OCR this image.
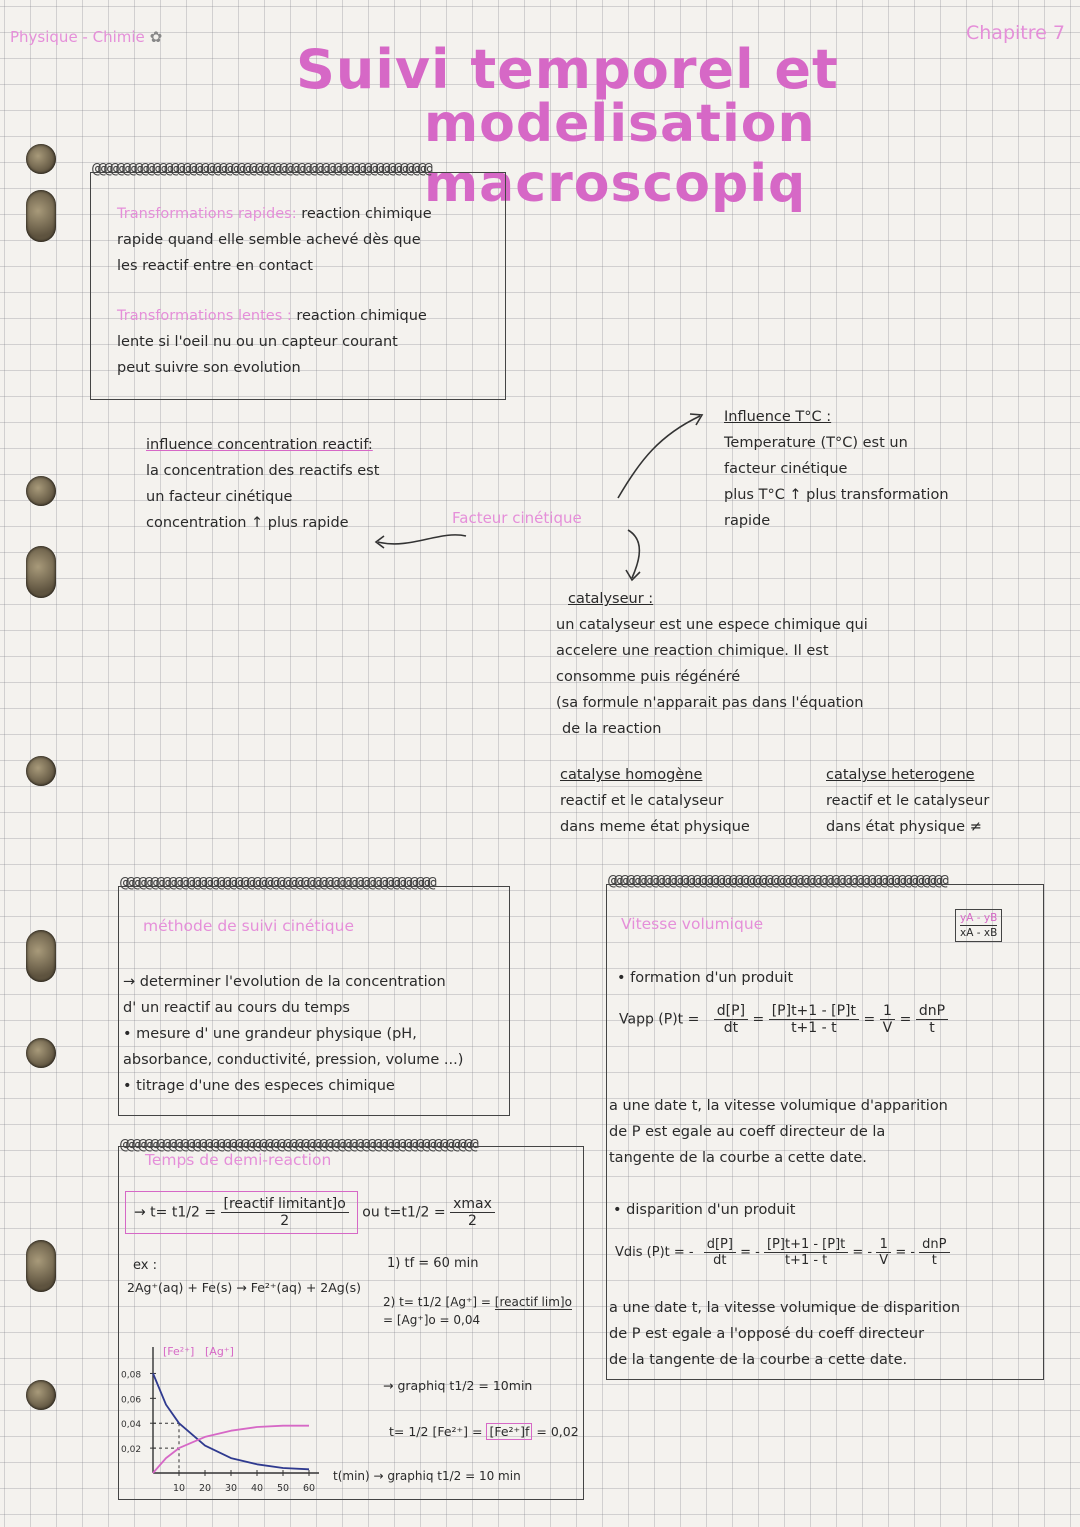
Physique - Chimie ✿	Chapitre 7
Suivi temporel et
modelisation macroscopiq
@@@@@@@@@@@@@@@@@@@@@@@@@@@@@@@@@@@@@@@@@@@@@@@@@@@@@@@@
Transformations rapides: reaction chimique
rapide quand elle semble achevé dès que
les reactif entre en contact
Transformations lentes : reaction chimique
lente si l'oeil nu ou un capteur courant
peut suivre son evolution
influence concentration reactif:
la concentration des reactifs est
un facteur cinétique
concentration ↑ plus rapide	Facteur cinétique
Influence T°C :
Temperature (T°C) est un
facteur cinétique
plus T°C ↑ plus transformation
rapide
catalyseur :
un catalyseur est une espece chimique qui
accelere une reaction chimique. Il est
consomme puis régénéré
(sa formule n'apparait pas dans l'équation
de la reaction
catalyse homogène
reactif et le catalyseur
dans meme état physique
catalyse heterogene
reactif et le catalyseur
dans état physique ≠
@@@@@@@@@@@@@@@@@@@@@@@@@@@@@@@@@@@@@@@@@@@@@@@@@@@@
méthode de suivi cinétique
→ determiner l'evolution de la concentration
d' un reactif au cours du temps
• mesure d' une grandeur physique (pH,
absorbance, conductivité, pression, volume ...)
• titrage d'une des especes chimique
@@@@@@@@@@@@@@@@@@@@@@@@@@@@@@@@@@@@@@@@@@@@@@@@@@@@@@@@@@@
Temps de demi-reaction
→ $t= t1/2 = \frac{\text{[reactif limitant]o}}{2}$ ou $t=t1/2 = \frac{xmax}{2}$
ex :
2Ag⁺(aq) + Fe(s) → Fe²⁺(aq) + 2Ag(s)
1) tf = 60 min
2) t= t1/2 [Ag⁺] = [reactif lim]o
= [Ag⁺]o = 0,04
→ graphiq t1/2 = 10min
t= 1/2 [Fe²⁺] = [Fe²⁺]f = 0,02
t(min) → graphiq t1/2 = 10 min
[Fe²⁺] [Ag⁺]
0,08
0,06
0,04
0,02
10 20 30 40 50 60
@@@@@@@@@@@@@@@@@@@@@@@@@@@@@@@@@@@@@@@@@@@@@@@@@@@@@@@@
Vitesse volumique	yA - yB
xA - xB
• formation d'un produit
Vapp $(P)t = \frac{d[P]}{dt} = \frac{[P]t+1 - [P]t}{t+1 - t} = \frac{1}{V} = \frac{\text{dnP}}{t}$
a une date t, la vitesse volumique d'apparition
de P est egale au coeff directeur de la
tangente de la courbe a cette date.
• disparition d'un produit
Vdis (P)t = - $\frac{d[P]}{dt}$ = - $\frac{[P]t+1 - [P]t}{t+1 - t}$ = - $\frac{1}{V}$ = - $\frac{\text{dnP}}{t}$
a une date t, la vitesse volumique de disparition
de P est egale a l'opposé du coeff directeur
de la tangente de la courbe a cette date.
